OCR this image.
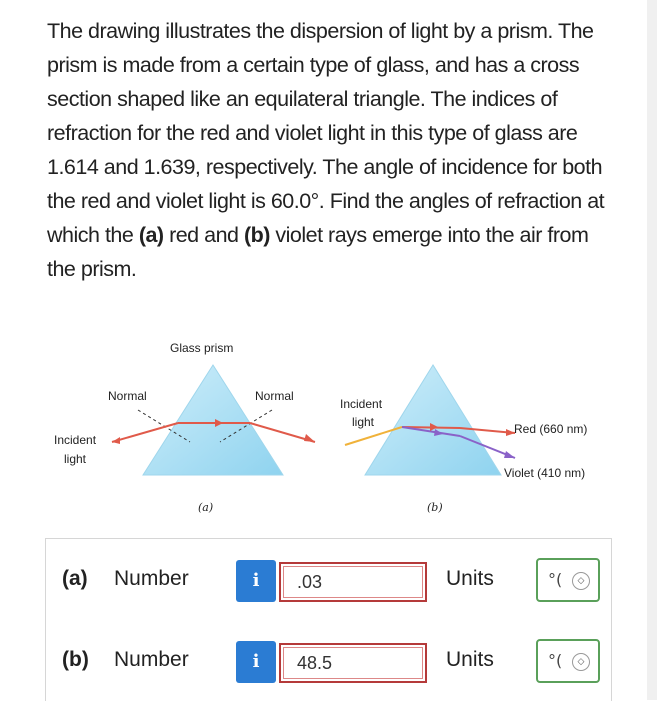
The drawing illustrates the dispersion of light by a prism. The prism is made from a certain type of glass, and has a cross section shaped like an equilateral triangle. The indices of refraction for the red and violet light in this type of glass are 1.614 and 1.639, respectively. The angle of incidence for both the red and violet light is 60.0°. Find the angles of refraction at which the (a) red and (b) violet rays emerge into the air from the prism.
Glass prism
Normal	Normal
Incident
light
(a)
Incident
light	Red (660 nm)
Violet (410 nm)
(b)
(a) Number	i	.03	Units	°(	◇
(b) Number	i	48.5	Units	°(	◇
